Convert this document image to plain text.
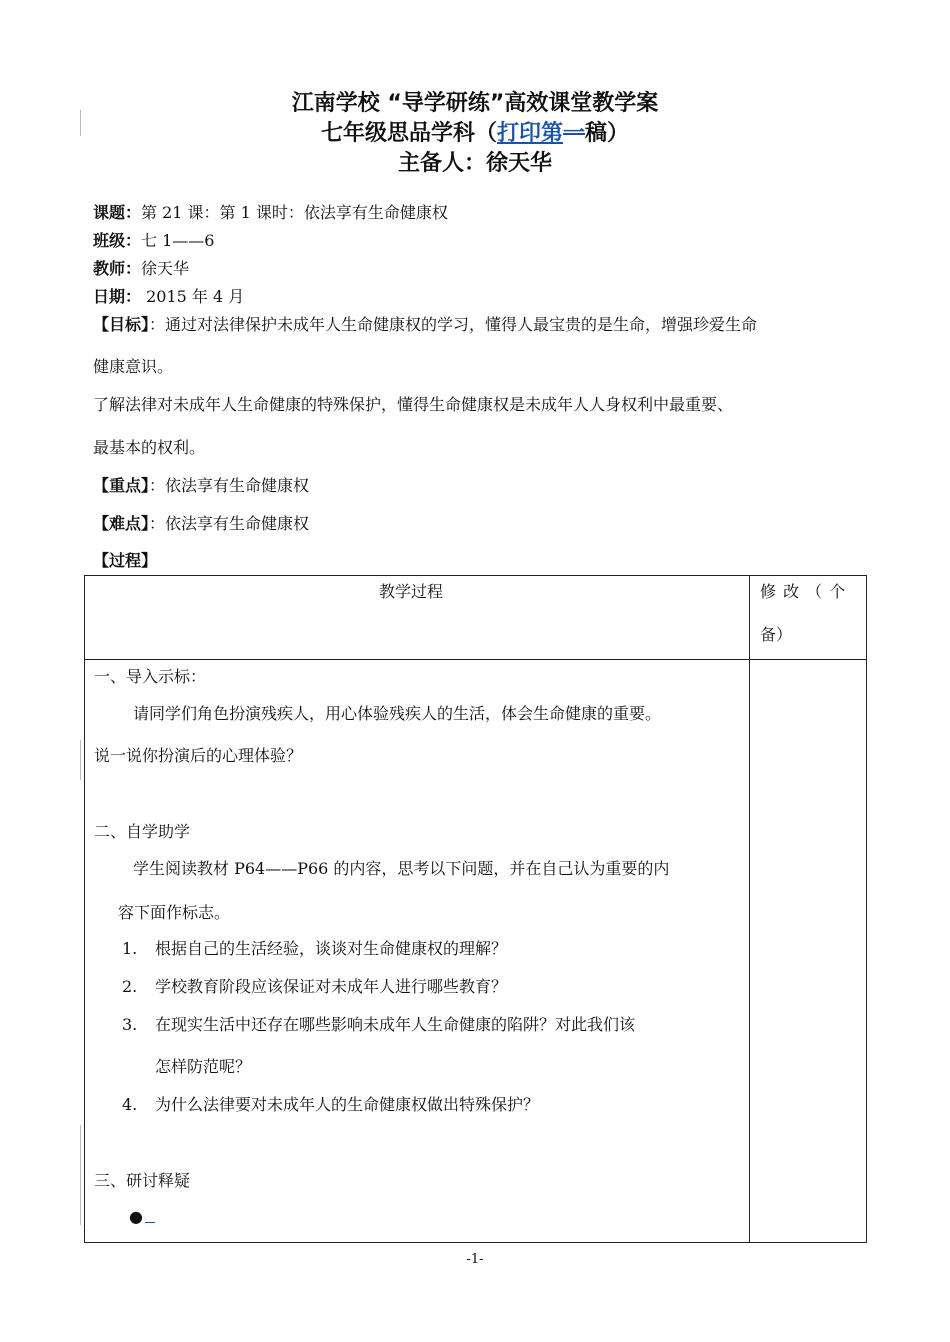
江南学校 “导学研练”高效课堂教学案
七年级思品学科（打印第一稿）
主备人：徐天华
课题：第 21 课：第 1 课时：依法享有生命健康权
班级：七 1——6
教师：徐天华
日期： 2015 年 4 月
【目标】：通过对法律保护未成年人生命健康权的学习，懂得人最宝贵的是生命，增强珍爱生命
健康意识。
了解法律对未成年人生命健康的特殊保护，懂得生命健康权是未成年人人身权利中最重要、
最基本的权利。
【重点】：依法享有生命健康权
【难点】：依法享有生命健康权
【过程】
教学过程	修 改 （ 个
备）
一、导入示标：
请同学们角色扮演残疾人，用心体验残疾人的生活，体会生命健康的重要。
说一说你扮演后的心理体验？
二、自学助学
学生阅读教材 P64——P66 的内容，思考以下问题，并在自己认为重要的内
容下面作标志。
1. 根据自己的生活经验，谈谈对生命健康权的理解？
2. 学校教育阶段应该保证对未成年人进行哪些教育？
3. 在现实生活中还存在哪些影响未成年人生命健康的陷阱？对此我们该
怎样防范呢？
4. 为什么法律要对未成年人的生命健康权做出特殊保护？
三、研讨释疑
●
-1-
